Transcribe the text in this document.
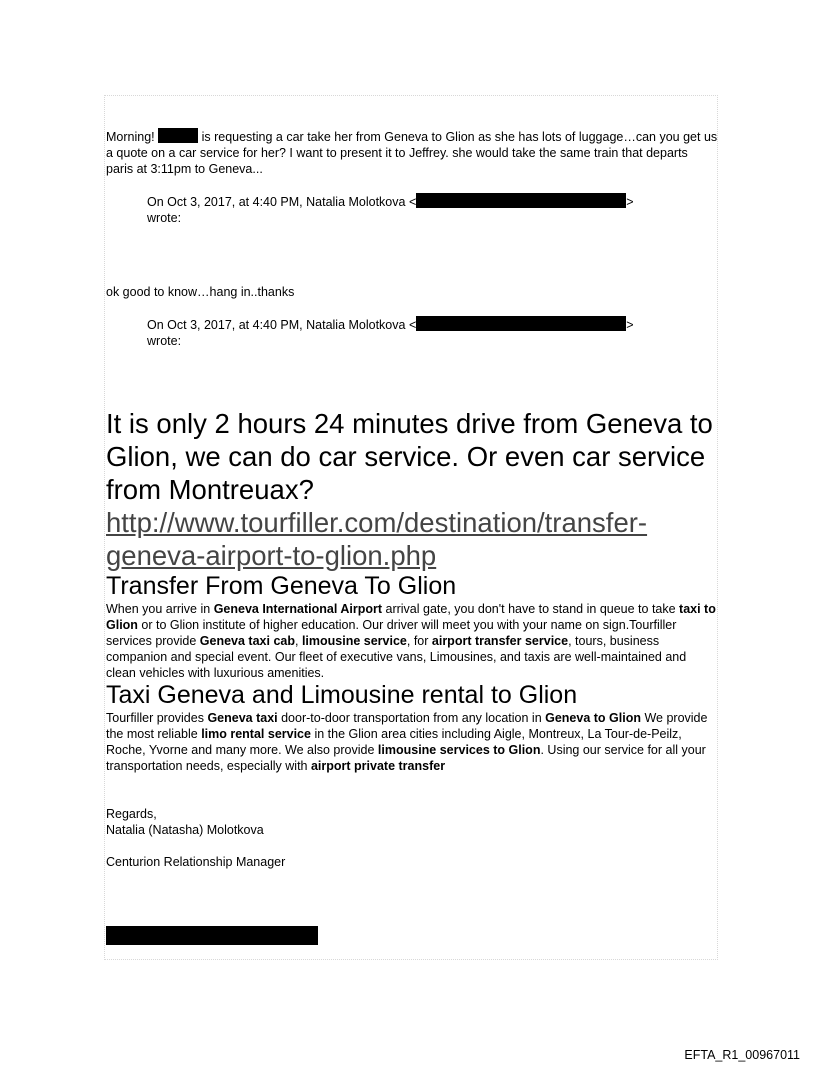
Morning!	is requesting a car take her from Geneva to Glion as she has lots of luggage…can you get us a quote on a car service for her? I want to present it to Jeffrey. she would take the same train that departs paris at 3:11pm to Geneva...

On Oct 3, 2017, at 4:40 PM, Natalia Molotkova <	>
wrote:

ok good to know…hang in..thanks

On Oct 3, 2017, at 4:40 PM, Natalia Molotkova <	>
wrote:

It is only 2 hours 24 minutes drive from Geneva to Glion, we can do car service. Or even car service from Montreuax?

http://www.tourfiller.com/destination/transfer-geneva-airport-to-glion.php

Transfer From Geneva To Glion

When you arrive in Geneva International Airport arrival gate, you don't have to stand in queue to take taxi to Glion or to Glion institute of higher education. Our driver will meet you with your name on sign.Tourfiller services provide Geneva taxi cab, limousine service, for airport transfer service, tours, business companion and special event. Our fleet of executive vans, Limousines, and taxis are well-maintained and clean vehicles with luxurious amenities.

Taxi Geneva and Limousine rental to Glion

Tourfiller provides Geneva taxi door-to-door transportation from any location in Geneva to Glion We provide the most reliable limo rental service in the Glion area cities including Aigle, Montreux, La Tour-de-Peilz, Roche, Yvorne and many more. We also provide limousine services to Glion. Using our service for all your transportation needs, especially with airport private transfer

Regards,

Natalia (Natasha) Molotkova

Centurion Relationship Manager

EFTA_R1_00967011
